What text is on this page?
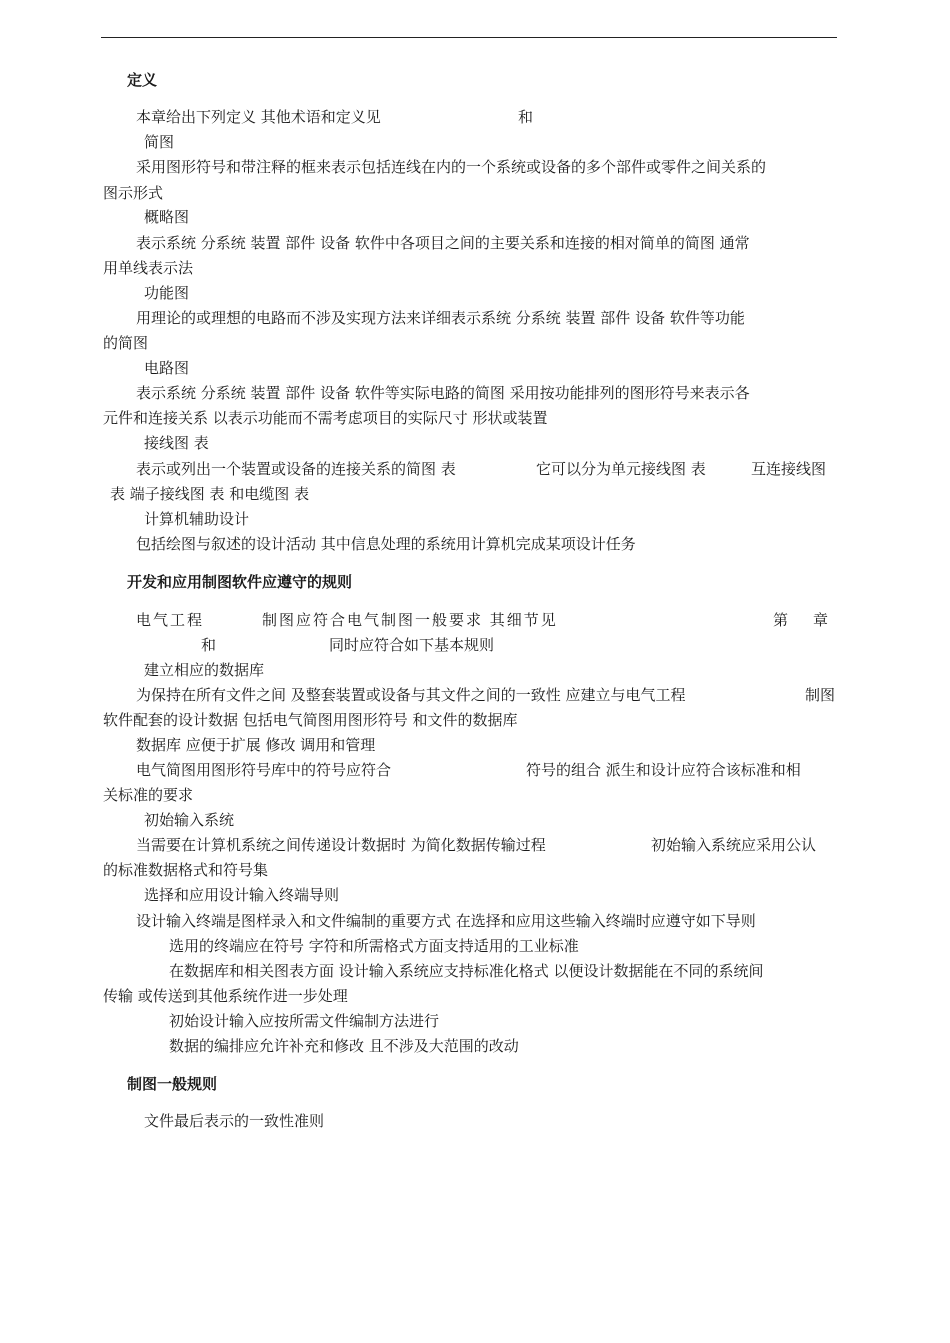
定义
本章给出下列定义 其他术语和定义见	和
简图
采用图形符号和带注释的框来表示包括连线在内的一个系统或设备的多个部件或零件之间关系的
图示形式
概略图
表示系统 分系统 装置 部件 设备 软件中各项目之间的主要关系和连接的相对简单的简图 通常
用单线表示法
功能图
用理论的或理想的电路而不涉及实现方法来详细表示系统 分系统 装置 部件 设备 软件等功能
的简图
电路图
表示系统 分系统 装置 部件 设备 软件等实际电路的简图 采用按功能排列的图形符号来表示各
元件和连接关系 以表示功能而不需考虑项目的实际尺寸 形状或装置
接线图 表
表示或列出一个装置或设备的连接关系的简图 表	它可以分为单元接线图 表	互连接线图
表 端子接线图 表 和电缆图 表
计算机辅助设计
包括绘图与叙述的设计活动 其中信息处理的系统用计算机完成某项设计任务
开发和应用制图软件应遵守的规则
电气工程	制图应符合电气制图一般要求 其细节见	第 章
和	同时应符合如下基本规则
建立相应的数据库
为保持在所有文件之间 及整套装置或设备与其文件之间的一致性 应建立与电气工程	制图
软件配套的设计数据 包括电气简图用图形符号 和文件的数据库
数据库 应便于扩展 修改 调用和管理
电气简图用图形符号库中的符号应符合	符号的组合 派生和设计应符合该标准和相
关标准的要求
初始输入系统
当需要在计算机系统之间传递设计数据时 为简化数据传输过程	初始输入系统应采用公认
的标准数据格式和符号集
选择和应用设计输入终端导则
设计输入终端是图样录入和文件编制的重要方式 在选择和应用这些输入终端时应遵守如下导则
选用的终端应在符号 字符和所需格式方面支持适用的工业标准
在数据库和相关图表方面 设计输入系统应支持标准化格式 以便设计数据能在不同的系统间
传输 或传送到其他系统作进一步处理
初始设计输入应按所需文件编制方法进行
数据的编排应允许补充和修改 且不涉及大范围的改动
制图一般规则
文件最后表示的一致性准则
